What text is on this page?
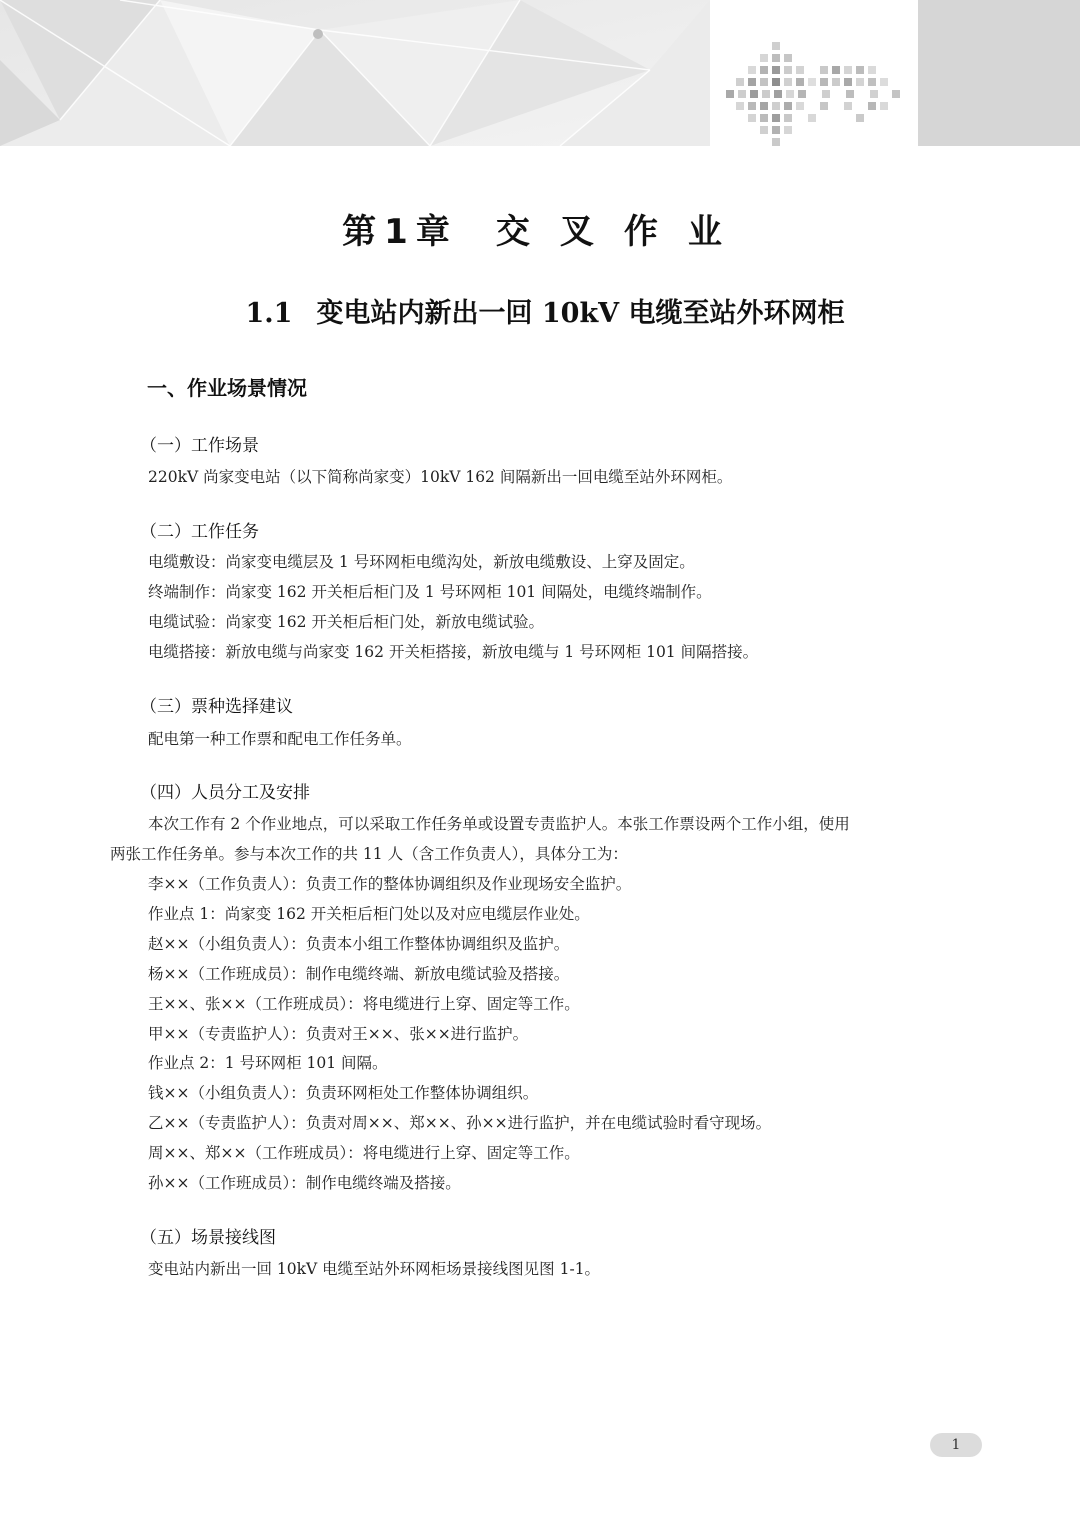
第 1 章 交 叉 作 业
1.1 变电站内新出一回 10kV 电缆至站外环网柜
一、作业场景情况
（一）工作场景
220kV 尚家变电站（以下简称尚家变）10kV 162 间隔新出一回电缆至站外环网柜。
（二）工作任务
电缆敷设：尚家变电缆层及 1 号环网柜电缆沟处，新放电缆敷设、上穿及固定。
终端制作：尚家变 162 开关柜后柜门及 1 号环网柜 101 间隔处，电缆终端制作。
电缆试验：尚家变 162 开关柜后柜门处，新放电缆试验。
电缆搭接：新放电缆与尚家变 162 开关柜搭接，新放电缆与 1 号环网柜 101 间隔搭接。
（三）票种选择建议
配电第一种工作票和配电工作任务单。
（四）人员分工及安排
本次工作有 2 个作业地点，可以采取工作任务单或设置专责监护人。本张工作票设两个工作小组，使用
两张工作任务单。参与本次工作的共 11 人（含工作负责人），具体分工为：
李××（工作负责人）：负责工作的整体协调组织及作业现场安全监护。
作业点 1：尚家变 162 开关柜后柜门处以及对应电缆层作业处。
赵××（小组负责人）：负责本小组工作整体协调组织及监护。
杨××（工作班成员）：制作电缆终端、新放电缆试验及搭接。
王××、张××（工作班成员）：将电缆进行上穿、固定等工作。
甲××（专责监护人）：负责对王××、张××进行监护。
作业点 2：1 号环网柜 101 间隔。
钱××（小组负责人）：负责环网柜处工作整体协调组织。
乙××（专责监护人）：负责对周××、郑××、孙××进行监护，并在电缆试验时看守现场。
周××、郑××（工作班成员）：将电缆进行上穿、固定等工作。
孙××（工作班成员）：制作电缆终端及搭接。
（五）场景接线图
变电站内新出一回 10kV 电缆至站外环网柜场景接线图见图 1-1。
1
